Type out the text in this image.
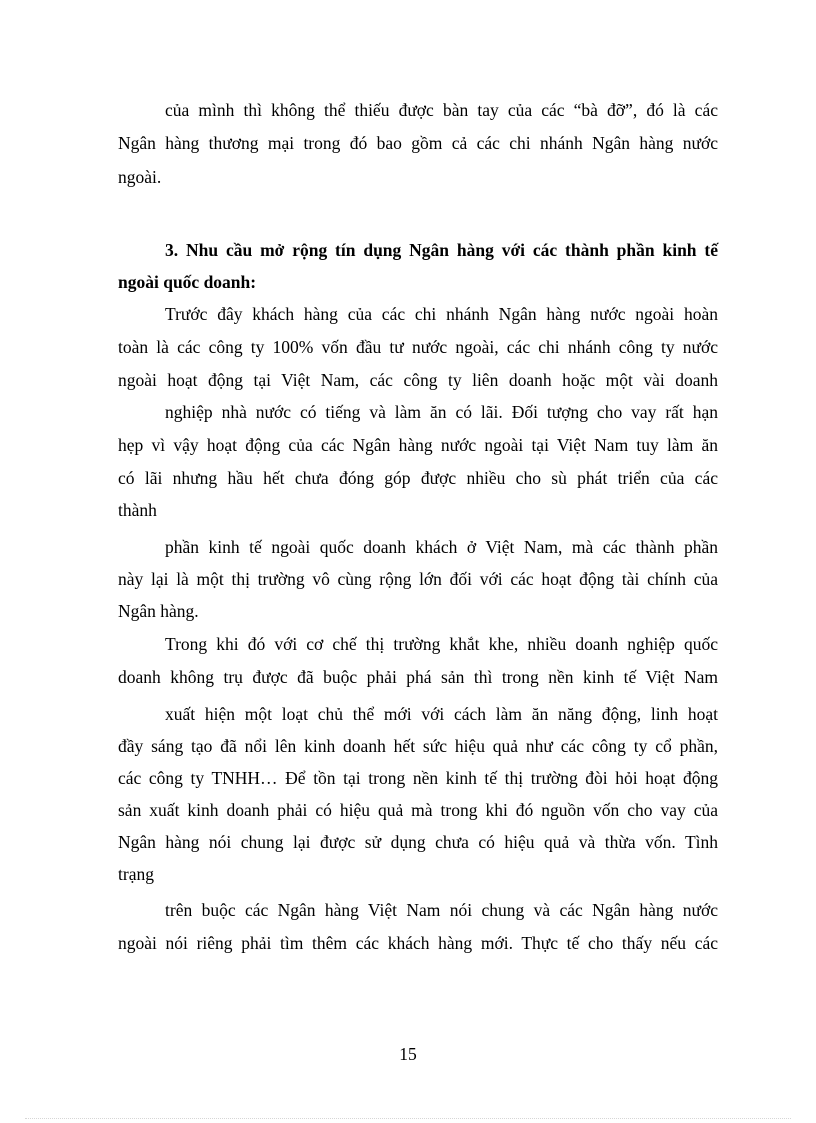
của mình thì không thể thiếu được bàn tay của các “bà đỡ”, đó là các
Ngân hàng thương mại trong đó bao gồm cả các chi nhánh Ngân hàng nước
ngoài.
3. Nhu cầu mở rộng tín dụng Ngân hàng với các thành phần kinh tế
ngoài quốc doanh:
Trước đây khách hàng của các chi nhánh Ngân hàng nước ngoài hoàn
toàn là các công ty 100% vốn đầu tư nước ngoài, các chi nhánh công ty nước
ngoài hoạt động tại Việt Nam, các công ty liên doanh hoặc một vài doanh
nghiệp nhà nước có tiếng và làm ăn có lãi. Đối tượng cho vay rất hạn
hẹp vì vậy hoạt động của các Ngân hàng nước ngoài tại Việt Nam tuy làm ăn
có lãi nhưng hầu hết chưa đóng góp được nhiều cho sù phát triển của các
thành
phần kinh tế ngoài quốc doanh khách ở Việt Nam, mà các thành phần
này lại là một thị trường vô cùng rộng lớn đối với các hoạt động tài chính của
Ngân hàng.
Trong khi đó với cơ chế thị trường khắt khe, nhiều doanh nghiệp quốc
doanh không trụ được đã buộc phải phá sản thì trong nền kinh tế Việt Nam
xuất hiện một loạt chủ thể mới với cách làm ăn năng động, linh hoạt
đầy sáng tạo đã nổi lên kinh doanh hết sức hiệu quả như các công ty cổ phần,
các công ty TNHH… Để tồn tại trong nền kinh tế thị trường đòi hỏi hoạt động
sản xuất kinh doanh phải có hiệu quả mà trong khi đó nguồn vốn cho vay của
Ngân hàng nói chung lại được sử dụng chưa có hiệu quả và thừa vốn. Tình
trạng
trên buộc các Ngân hàng Việt Nam nói chung và các Ngân hàng nước
ngoài nói riêng phải tìm thêm các khách hàng mới. Thực tế cho thấy nếu các
15
